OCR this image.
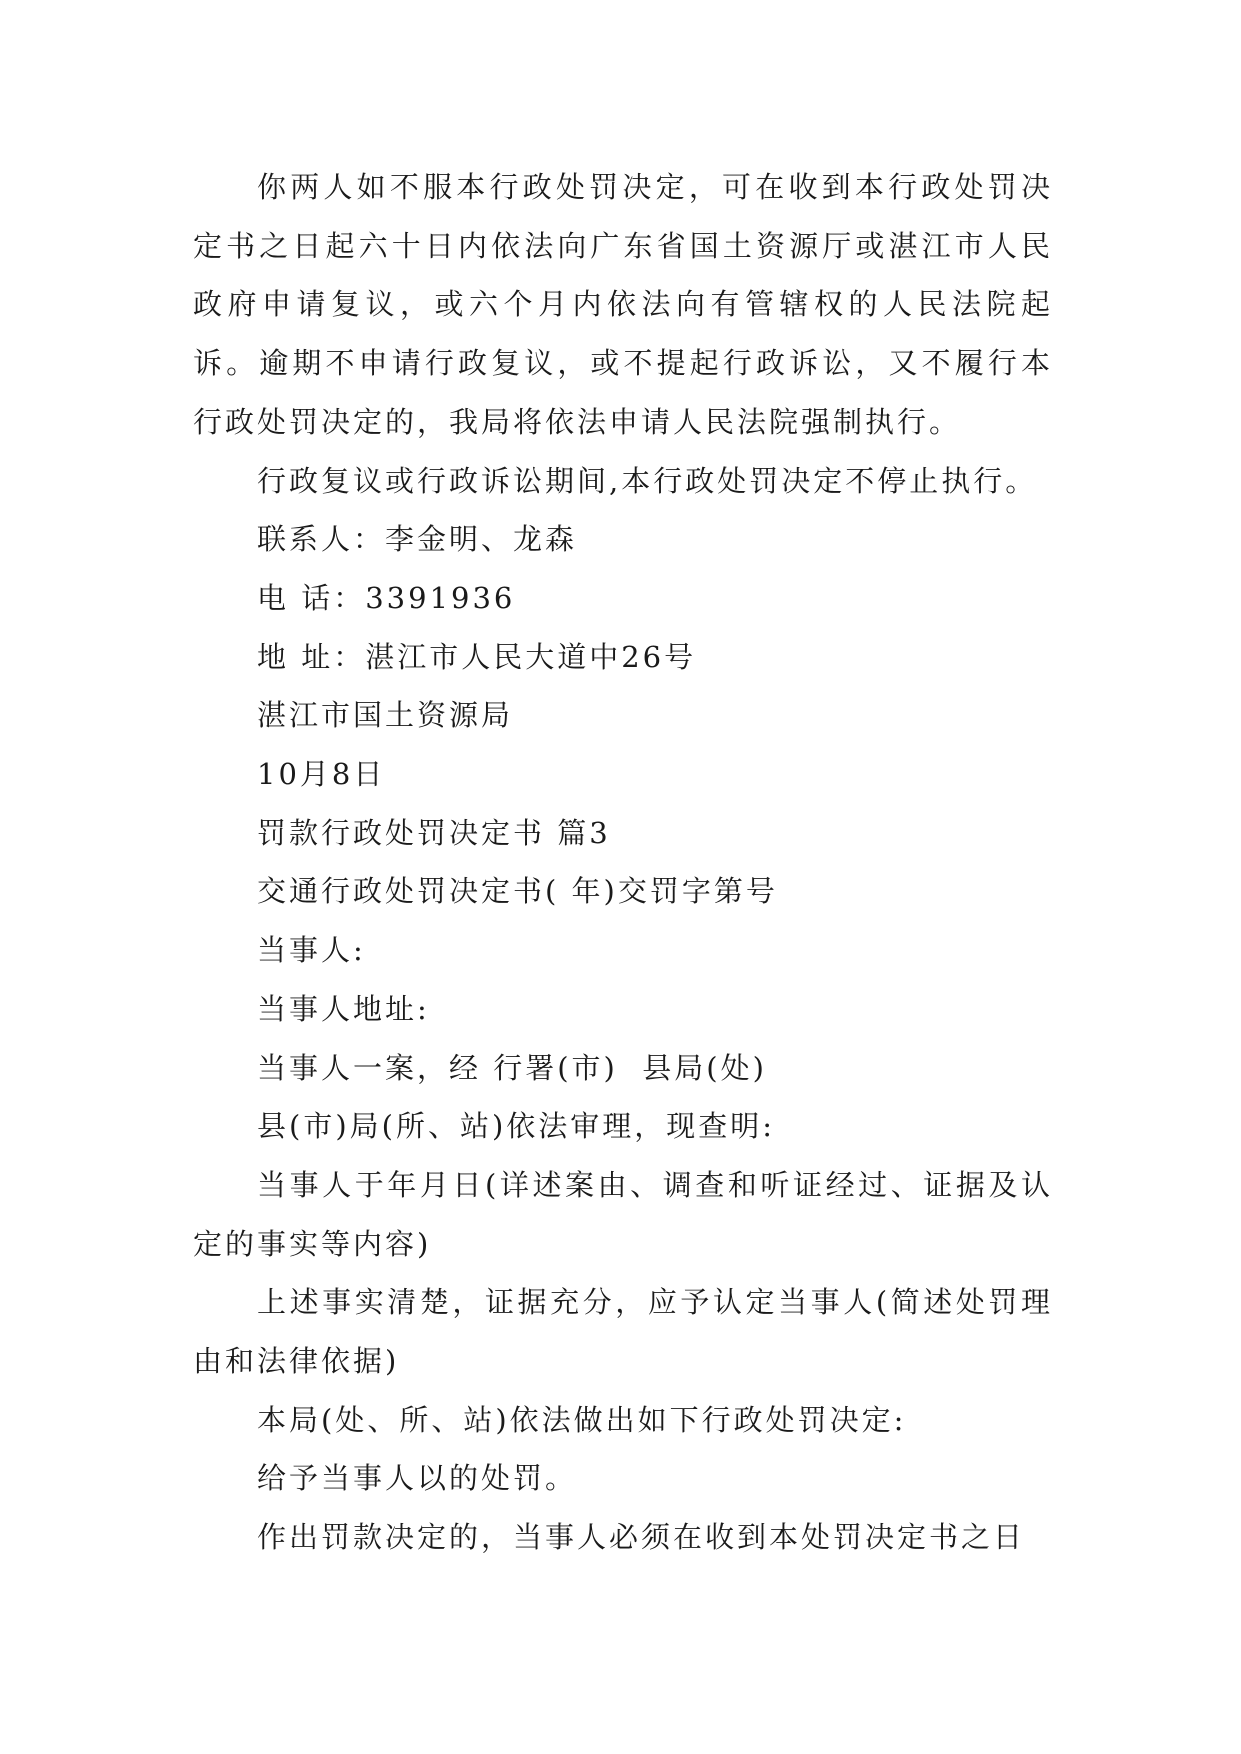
你两人如不服本行政处罚决定，可在收到本行政处罚决定书之日起六十日内依法向广东省国土资源厅或湛江市人民政府申请复议，或六个月内依法向有管辖权的人民法院起诉。逾期不申请行政复议，或不提起行政诉讼，又不履行本行政处罚决定的，我局将依法申请人民法院强制执行。

行政复议或行政诉讼期间,本行政处罚决定不停止执行。

联系人：李金明、龙森

电 话：3391936

地 址：湛江市人民大道中26号

湛江市国土资源局

10月8日

罚款行政处罚决定书 篇3

交通行政处罚决定书( 年)交罚字第号

当事人:

当事人地址:

当事人一案，经 行署(市)  县局(处)

县(市)局(所、站)依法审理，现查明:

当事人于年月日(详述案由、调查和听证经过、证据及认定的事实等内容)

上述事实清楚，证据充分，应予认定当事人(简述处罚理由和法律依据)

本局(处、所、站)依法做出如下行政处罚决定:

给予当事人以的处罚。

作出罚款决定的，当事人必须在收到本处罚决定书之日
